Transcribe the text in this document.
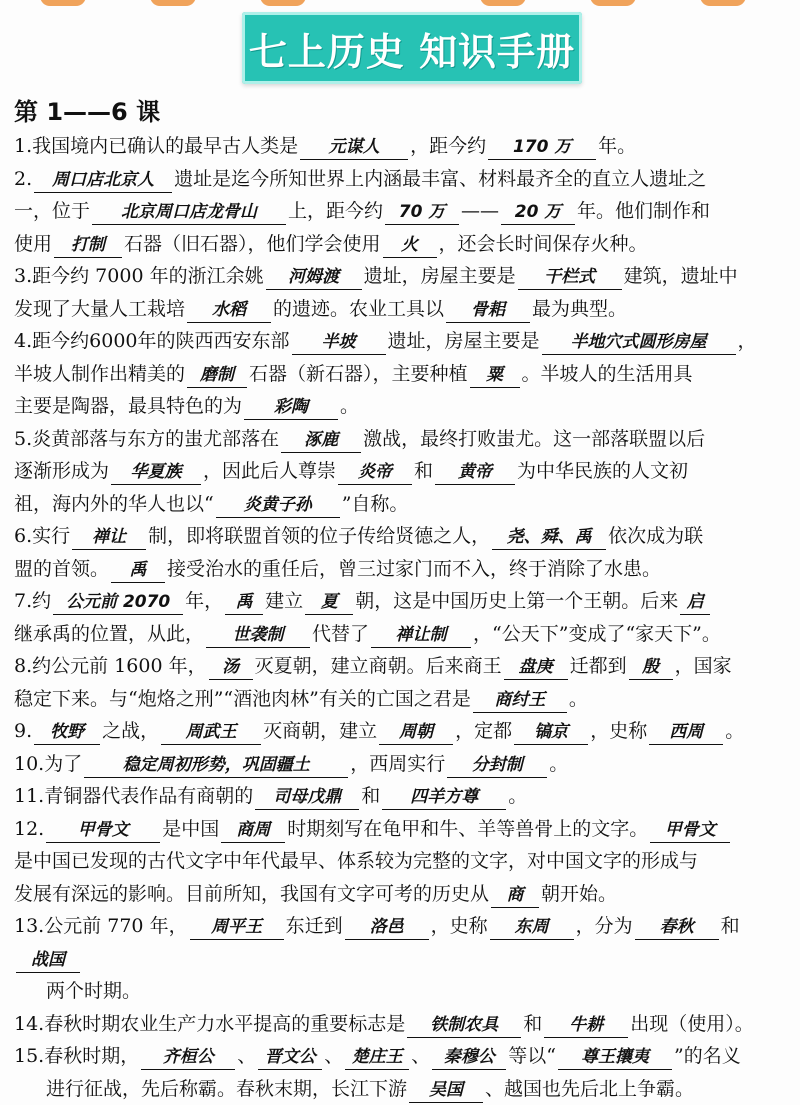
七上历史 知识手册
第 1——6 课
1.我国境内已确认的最早古人类是 元谋人 ，距今约 170 万 年。
2. 周口店北京人 遗址是迄今所知世界上内涵最丰富、材料最齐全的直立人遗址之
一，位于 北京周口店龙骨山 上，距今约 70 万 —— 20 万 年。他们制作和
使用 打制 石器（旧石器），他们学会使用 火 ，还会长时间保存火种。
3.距今约 7000 年的浙江余姚 河姆渡 遗址，房屋主要是 干栏式 建筑，遗址中
发现了大量人工栽培 水稻 的遗迹。农业工具以 骨耜 最为典型。
4.距今约6000年的陕西西安东部 半坡 遗址，房屋主要是 半地穴式圆形房屋 ，
半坡人制作出精美的 磨制 石器（新石器），主要种植 粟 。半坡人的生活用具
主要是陶器，最具特色的为 彩陶 。
5.炎黄部落与东方的蚩尤部落在 涿鹿 激战，最终打败蚩尤。这一部落联盟以后
逐渐形成为 华夏族 ，因此后人尊崇 炎帝 和 黄帝 为中华民族的人文初
祖，海内外的华人也以“ 炎黄子孙 ”自称。
6.实行 禅让 制，即将联盟首领的位子传给贤德之人， 尧、舜、禹 依次成为联
盟的首领。 禹 接受治水的重任后，曾三过家门而不入，终于消除了水患。
7.约 公元前 2070 年， 禹 建立 夏 朝，这是中国历史上第一个王朝。后来 启
继承禹的位置，从此， 世袭制 代替了 禅让制 ，“公天下”变成了“家天下”。
8.约公元前 1600 年， 汤 灭夏朝，建立商朝。后来商王 盘庚 迁都到 殷 ，国家
稳定下来。与“炮烙之刑”“酒池肉林”有关的亡国之君是 商纣王 。
9. 牧野 之战， 周武王 灭商朝，建立 周朝 ，定都 镐京 ，史称 西周 。
10.为了 稳定周初形势，巩固疆土 ，西周实行 分封制 。
11.青铜器代表作品有商朝的 司母戊鼎 和 四羊方尊 。
12. 甲骨文 是中国 商周 时期刻写在龟甲和牛、羊等兽骨上的文字。 甲骨文
是中国已发现的古代文字中年代最早、体系较为完整的文字，对中国文字的形成与
发展有深远的影响。目前所知，我国有文字可考的历史从 商 朝开始。
13.公元前 770 年， 周平王 东迁到 洛邑 ，史称 东周 ，分为 春秋 和战国
两个时期。
14.春秋时期农业生产力水平提高的重要标志是 铁制农具 和 牛耕 出现（使用）。
15.春秋时期， 齐桓公 、 晋文公 、 楚庄王 、 秦穆公 等以“ 尊王攘夷 ”的名义
进行征战，先后称霸。春秋末期，长江下游 吴国 、越国也先后北上争霸。
